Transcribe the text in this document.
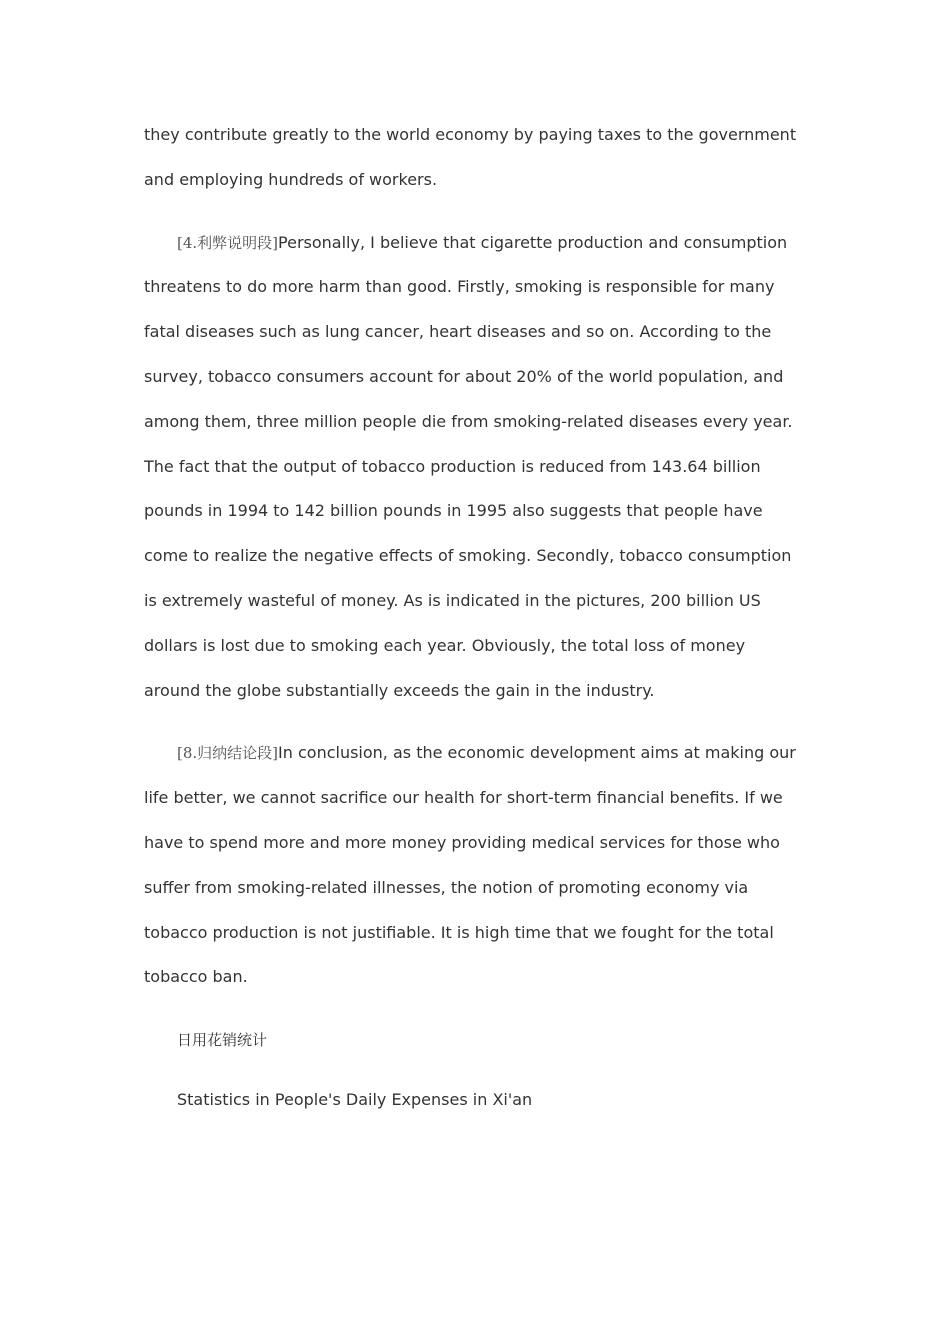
they contribute greatly to the world economy by paying taxes to the government and employing hundreds of workers.

[4.利弊说明段]Personally, I believe that cigarette production and consumption threatens to do more harm than good. Firstly, smoking is responsible for many fatal diseases such as lung cancer, heart diseases and so on. According to the survey, tobacco consumers account for about 20% of the world population, and among them, three million people die from smoking-related diseases every year. The fact that the output of tobacco production is reduced from 143.64 billion pounds in 1994 to 142 billion pounds in 1995 also suggests that people have come to realize the negative effects of smoking. Secondly, tobacco consumption is extremely wasteful of money. As is indicated in the pictures, 200 billion US dollars is lost due to smoking each year. Obviously, the total loss of money around the globe substantially exceeds the gain in the industry.

[8.归纳结论段]In conclusion, as the economic development aims at making our life better, we cannot sacrifice our health for short-term financial benefits. If we have to spend more and more money providing medical services for those who suffer from smoking-related illnesses, the notion of promoting economy via tobacco production is not justifiable. It is high time that we fought for the total tobacco ban.

日用花销统计

Statistics in People's Daily Expenses in Xi'an
